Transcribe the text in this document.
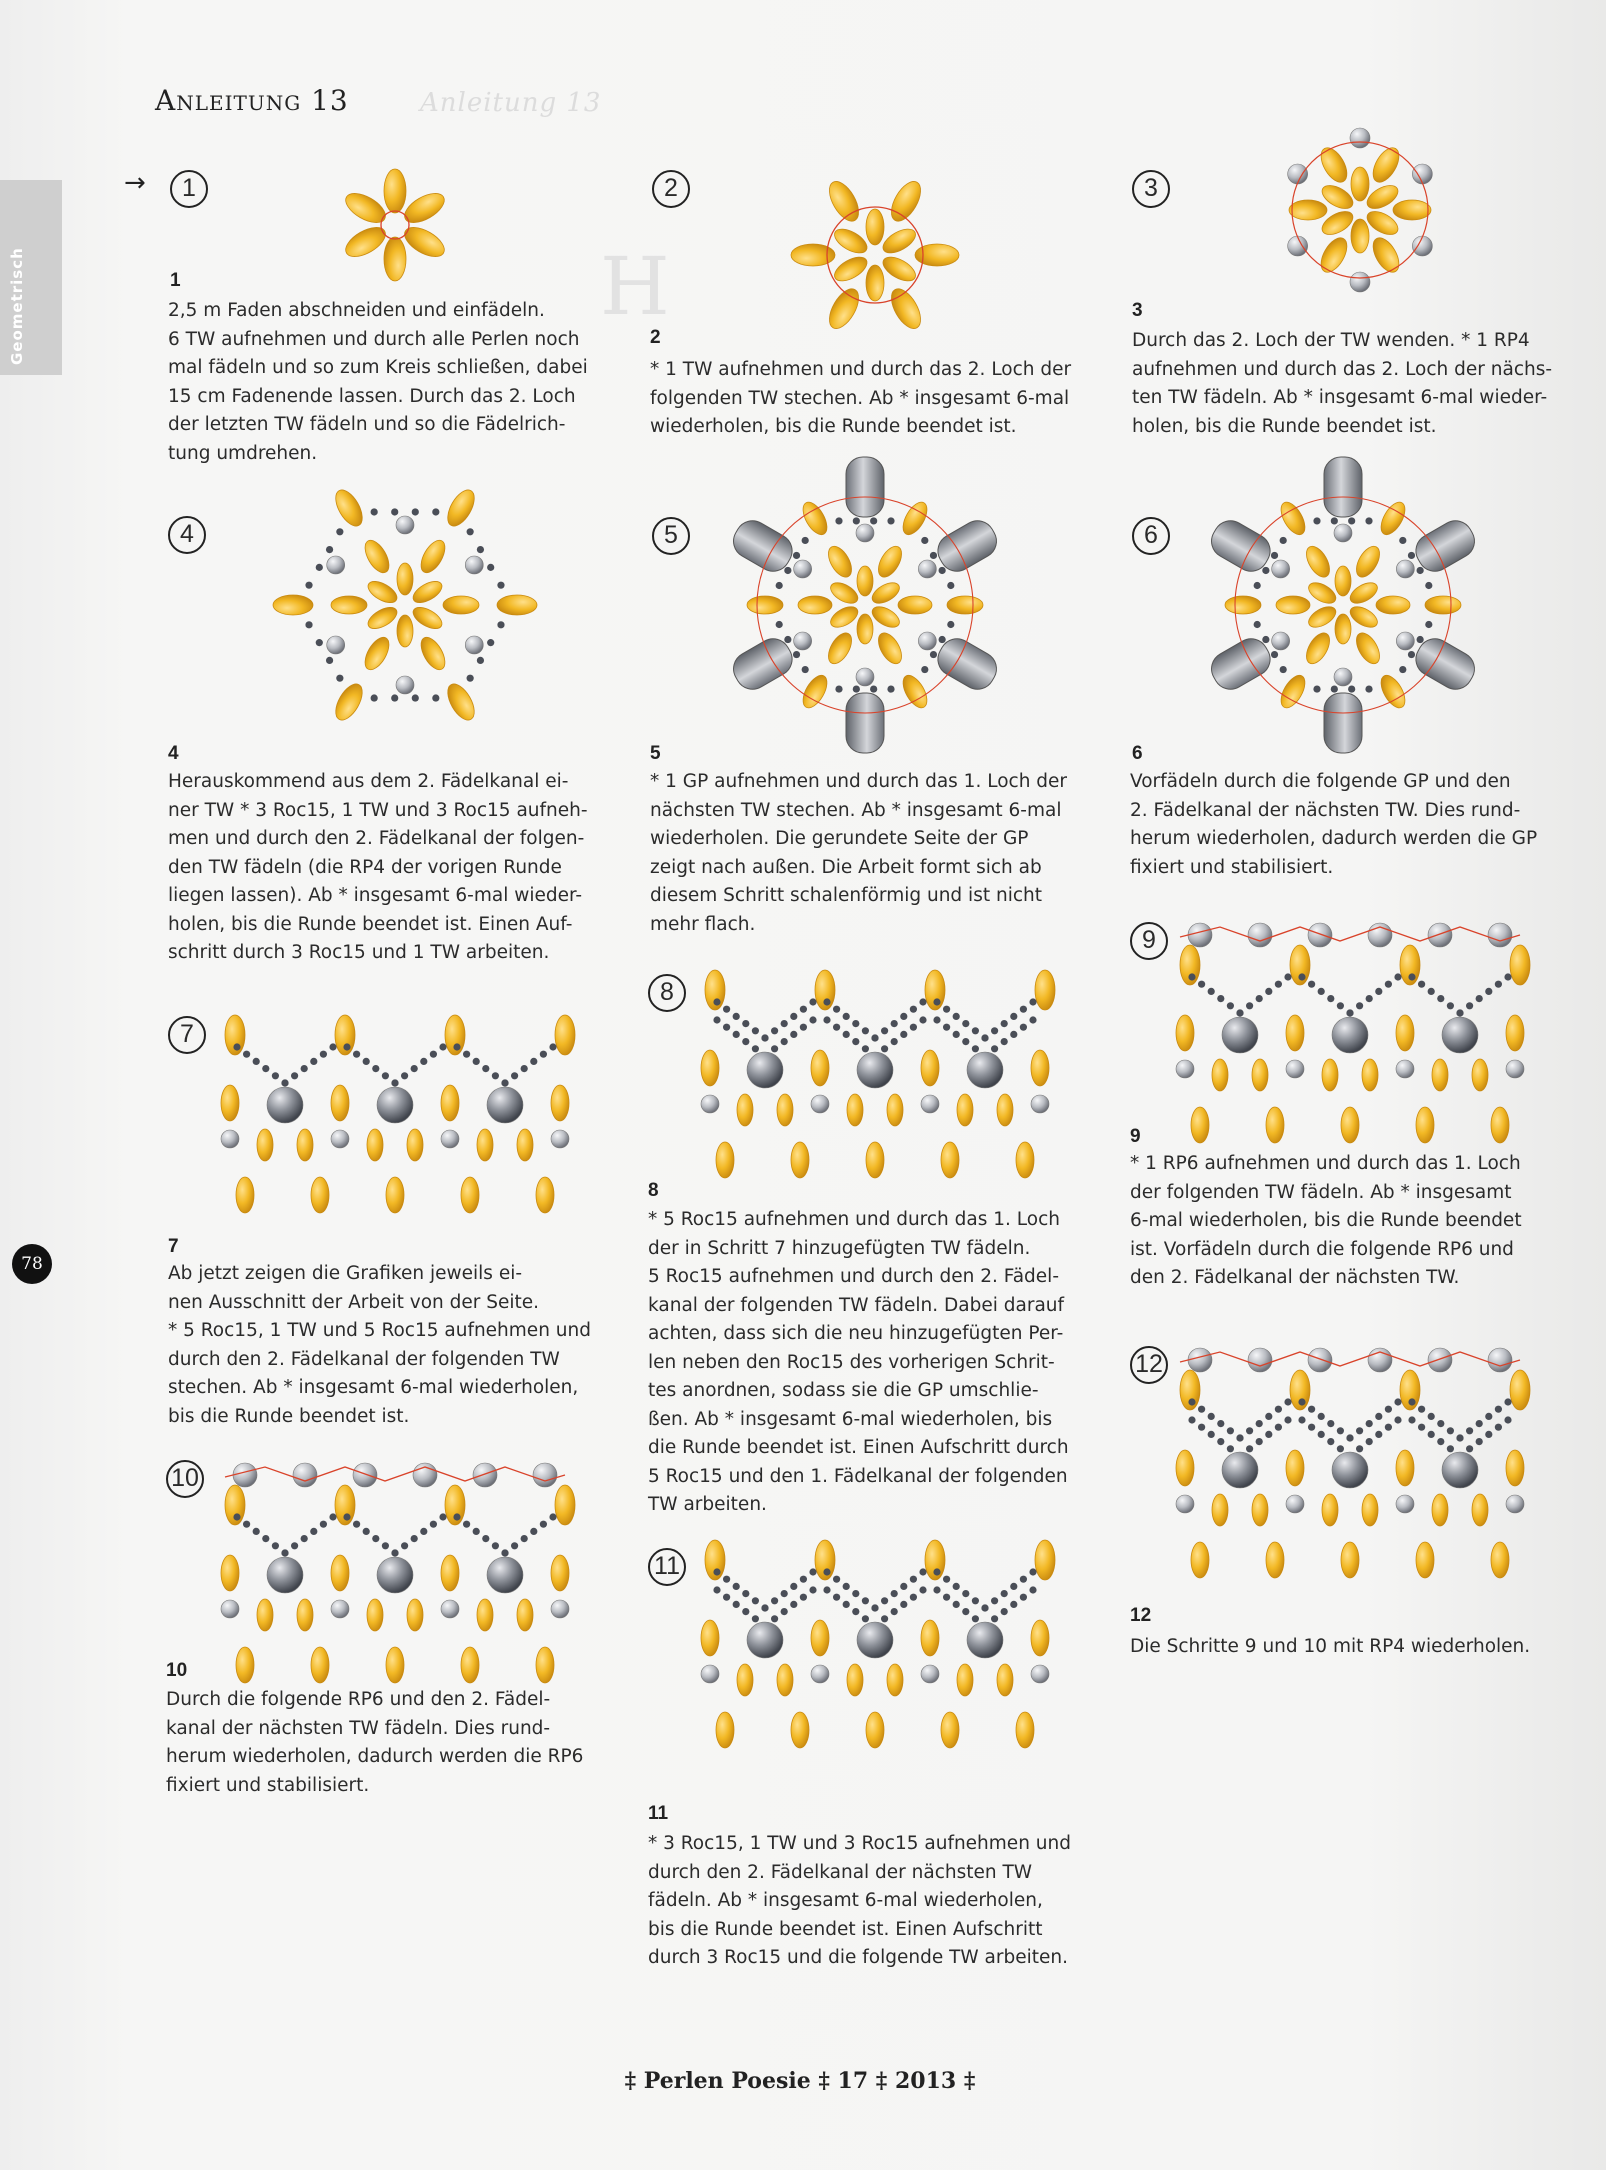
Geometrisch
Anleitung 13	Anleitung 13
H
→	1
1
2,5 m Faden abschneiden und einfädeln.
6 TW aufnehmen und durch alle Perlen noch
mal fädeln und so zum Kreis schließen, dabei
15 cm Fadenende lassen. Durch das 2. Loch
der letzten TW fädeln und so die Fädelrich-
tung umdrehen.
4
4
Herauskommend aus dem 2. Fädelkanal ei-
ner TW * 3 Roc15, 1 TW und 3 Roc15 aufneh-
men und durch den 2. Fädelkanal der folgen-
den TW fädeln (die RP4 der vorigen Runde
liegen lassen). Ab * insgesamt 6-mal wieder-
holen, bis die Runde beendet ist. Einen Auf-
schritt durch 3 Roc15 und 1 TW arbeiten.
7
7
Ab jetzt zeigen die Grafiken jeweils ei-
nen Ausschnitt der Arbeit von der Seite.
* 5 Roc15, 1 TW und 5 Roc15 aufnehmen und
durch den 2. Fädelkanal der folgenden TW
stechen. Ab * insgesamt 6-mal wiederholen,
bis die Runde beendet ist.
10
10
Durch die folgende RP6 und den 2. Fädel-
kanal der nächsten TW fädeln. Dies rund-
herum wiederholen, dadurch werden die RP6
fixiert und stabilisiert.
2
2
* 1 TW aufnehmen und durch das 2. Loch der
folgenden TW stechen. Ab * insgesamt 6-mal
wiederholen, bis die Runde beendet ist.
5
5
* 1 GP aufnehmen und durch das 1. Loch der
nächsten TW stechen. Ab * insgesamt 6-mal
wiederholen. Die gerundete Seite der GP
zeigt nach außen. Die Arbeit formt sich ab
diesem Schritt schalenförmig und ist nicht
mehr flach.
8
8
* 5 Roc15 aufnehmen und durch das 1. Loch
der in Schritt 7 hinzugefügten TW fädeln.
5 Roc15 aufnehmen und durch den 2. Fädel-
kanal der folgenden TW fädeln. Dabei darauf
achten, dass sich die neu hinzugefügten Per-
len neben den Roc15 des vorherigen Schrit-
tes anordnen, sodass sie die GP umschlie-
ßen. Ab * insgesamt 6-mal wiederholen, bis
die Runde beendet ist. Einen Aufschritt durch
5 Roc15 und den 1. Fädelkanal der folgenden
TW arbeiten.
11
11
* 3 Roc15, 1 TW und 3 Roc15 aufnehmen und
durch den 2. Fädelkanal der nächsten TW
fädeln. Ab * insgesamt 6-mal wiederholen,
bis die Runde beendet ist. Einen Aufschritt
durch 3 Roc15 und die folgende TW arbeiten.
3
3
Durch das 2. Loch der TW wenden. * 1 RP4
aufnehmen und durch das 2. Loch der nächs-
ten TW fädeln. Ab * insgesamt 6-mal wieder-
holen, bis die Runde beendet ist.
6
6
Vorfädeln durch die folgende GP und den
2. Fädelkanal der nächsten TW. Dies rund-
herum wiederholen, dadurch werden die GP
fixiert und stabilisiert.
9
9
* 1 RP6 aufnehmen und durch das 1. Loch
der folgenden TW fädeln. Ab * insgesamt
6-mal wiederholen, bis die Runde beendet
ist. Vorfädeln durch die folgende RP6 und
den 2. Fädelkanal der nächsten TW.
12
12
Die Schritte 9 und 10 mit RP4 wiederholen.
78
‡ Perlen Poesie ‡ 17 ‡ 2013 ‡
